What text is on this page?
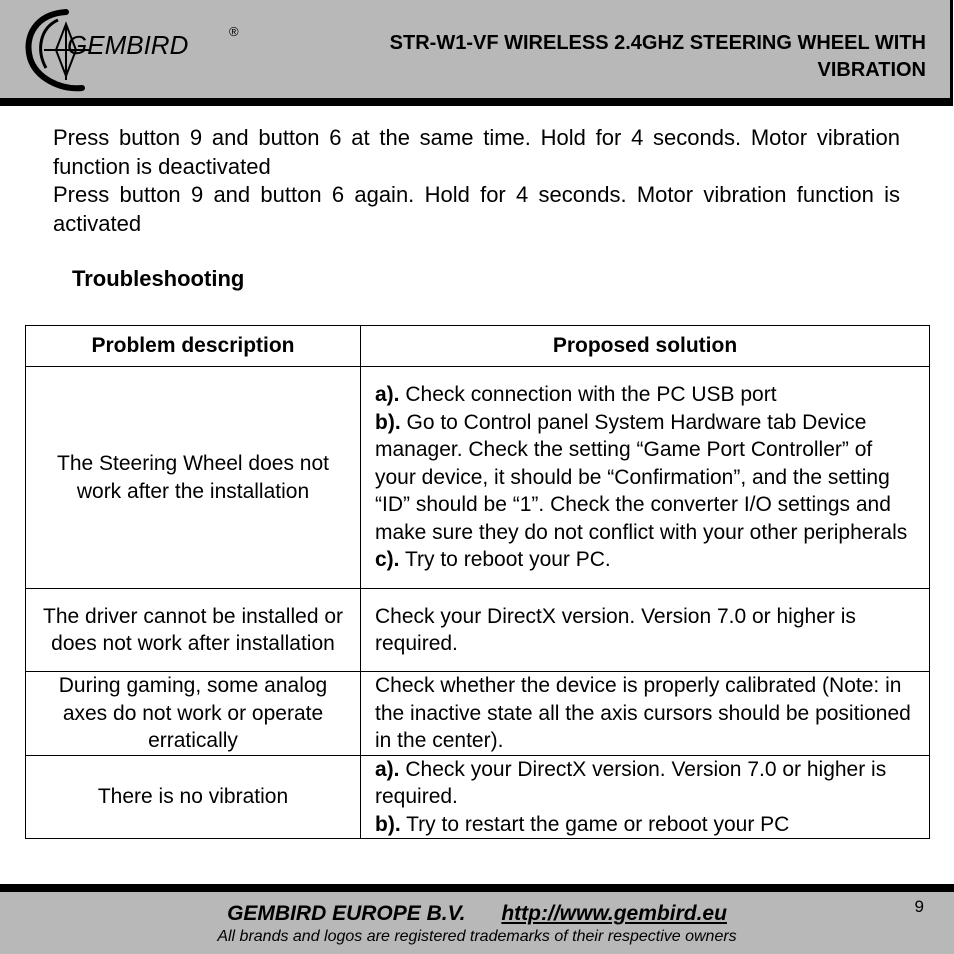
GEMBIRD	®
STR-W1-VF WIRELESS 2.4GHZ STEERING WHEEL WITH
VIBRATION

Press button 9 and button 6 at the same time. Hold for 4 seconds. Motor vibration function is deactivated

Press button 9 and button 6 again. Hold for 4 seconds. Motor vibration function is activated

Troubleshooting
Problem description	Proposed solution
The Steering Wheel does not work after the installation	a). Check connection with the PC USB port
b). Go to Control panel System Hardware tab Device manager. Check the setting “Game Port Controller” of your device, it should be “Confirmation”, and the setting “ID” should be “1”. Check the converter I/O settings and make sure they do not conflict with your other peripherals
c). Try to reboot your PC.

The driver cannot be installed or does not work after installation	Check your DirectX version. Version 7.0 or higher is required.

During gaming, some analog axes do not work or operate erratically	Check whether the device is properly calibrated (Note: in the inactive state all the axis cursors should be positioned in the center).

There is no vibration	a). Check your DirectX version. Version 7.0 or higher is required.
b). Try to restart the game or reboot your PC
GEMBIRD EUROPE B.V. http://www.gembird.eu
All brands and logos are registered trademarks of their respective owners
9
